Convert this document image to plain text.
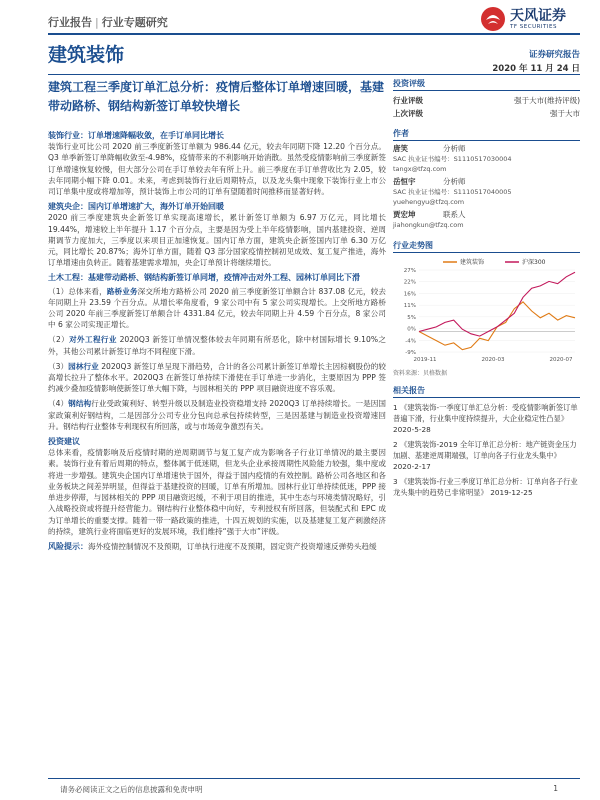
行业报告 | 行业专题研究	天风证券
TF SECURITIES
建筑装饰	证券研究报告
2020 年 11 月 24 日
建筑工程三季度订单汇总分析：疫情后整体订单增速回暖，基建带动路桥、钢结构新签订单较快增长

装饰行业：订单增速降幅收敛，在手订单同比增长
装饰行业可比公司 2020 前三季度新签订单额为 986.44 亿元，较去年同期下降 12.20 个百分点。Q3 单季新签订单降幅收敛至-4.98%，疫情带来的不利影响开始消散。虽然受疫情影响前三季度新签订单增速恢复较慢，但大部分公司在手订单较去年有所上升。前三季度在手订单营收比为 2.05，较去年同期小幅下降 0.01。未来，考虑到装饰行业后周期特点，以及龙头集中现象下装饰行业上市公司订单集中度或将增加等，预计装饰上市公司的订单有望随着时间推移而显著好转。

建筑央企：国内订单增速扩大，海外订单开始回暖
2020 前三季度建筑央企新签订单实现高速增长，累计新签订单额为 6.97 万亿元，同比增长 19.44%，增速较上半年提升 1.17 个百分点，主要是因为受上半年疫情影响，国内基建投资、逆周期调节力度加大，三季度以来项目正加速恢复。国内订单方面，建筑央企新签国内订单 6.30 万亿元，同比增长 20.87%；海外订单方面，随着 Q3 部分国家疫情控制初见成效、复工复产推进，海外订单增速由负转正。随着基建需求增加，央企订单预计将继续增长。

土木工程：基建带动路桥、钢结构新签订单同增，疫情冲击对外工程、园林订单同比下滑

（1）总体来看，路桥业务深交所地方路桥公司 2020 前三季度新签订单额合计 837.08 亿元，较去年同期上升 23.59 个百分点。从增长率角度看，9 家公司中有 5 家公司实现增长。上交所地方路桥公司 2020 年前三季度新签订单额合计 4331.84 亿元，较去年同期上升 4.59 个百分点，8 家公司中 6 家公司实现正增长。

（2）对外工程行业 2020Q3 新签订单情况整体较去年同期有所恶化，除中材国际增长 9.10%之外，其他公司累计新签订单均不同程度下滑。

（3）园林行业 2020Q3 新签订单呈现下滑趋势，合计的各公司累计新签订单增长主因棕榈股份的较高增长拉升了整体水平。2020Q3 在新签订单持续下滑使在手订单进一步消化，主要原因为 PPP 签约减少叠加疫情影响使新签订单大幅下降，与园林相关的 PPP 项目融资进度不容乐观。

（4）钢结构行业受政策利好、转型升级以及制造业投资稳增支持 2020Q3 订单持续增长。一是因国家政策利好钢结构，二是因部分公司专业分包向总承包持续转型，三是因基建与制造业投资增速回升。钢结构行业整体专利现权有所回落，或与市场竞争激烈有关。

投资建议
总体来看，疫情影响及后疫情时期的逆周期调节与复工复产成为影响各子行业订单情况的最主要因素。装饰行业有着后周期的特点，整体属于低迷期，但龙头企业承接周期性风险能力较强，集中度或将进一步增强。建筑央企国内订单增速快于国外，得益于国内疫情的有效控制。路桥公司各地区和各业务板块之间差异明显，但得益于基建投资的回暖，订单有所增加。园林行业订单持续低迷，PPP 接单进步停滞，与园林相关的 PPP 项目融资迟缓，不利于项目的推进，其中生态与环境类情况略好，引入战略投资或将提升经营能力。钢结构行业整体稳中向好，专利授权有所回落，但装配式和 EPC 成为订单增长的重要支撑。随着一带一路政策的推进，十四五规划的实施，以及基建复工复产刺激经济的持续，建筑行业将面临更好的发展环境，我们维持“强于大市”评级。

风险提示：海外疫情控制情况不及预期，订单执行进度不及预期，固定资产投资增速反弹势头趋缓

投资评级
行业评级	强于大市(维持评级)
上次评级	强于大市
作者
唐笑	分析师
SAC 执业证书编号：S1110517030004
tangx@tfzq.com
岳恒宇	分析师
SAC 执业证书编号：S1110517040005
yuehengyu@tfzq.com
贾宏坤	联系人
jiahongkun@tfzq.com
行业走势图
27%
22%
16%
11%
5%
0%
-4%
-9%
2019-11	2020-03	2020-07
建筑装饰	沪深300
资料来源：贝格数据
相关报告
1 《建筑装饰-一季度订单汇总分析：受疫情影响新签订单普遍下滑，行业集中度持续提升，大企业稳定性凸显》
2020-5-28
2 《建筑装饰-2019 全年订单汇总分析：地产链资金压力加剧、基建逆周期端强，订单向各子行业龙头集中》
2020-2-17
3 《建筑装饰-行业三季度订单汇总分析：订单向各子行业龙头集中的趋势已非常明显》 2019-12-25
请务必阅读正文之后的信息披露和免责申明	1
